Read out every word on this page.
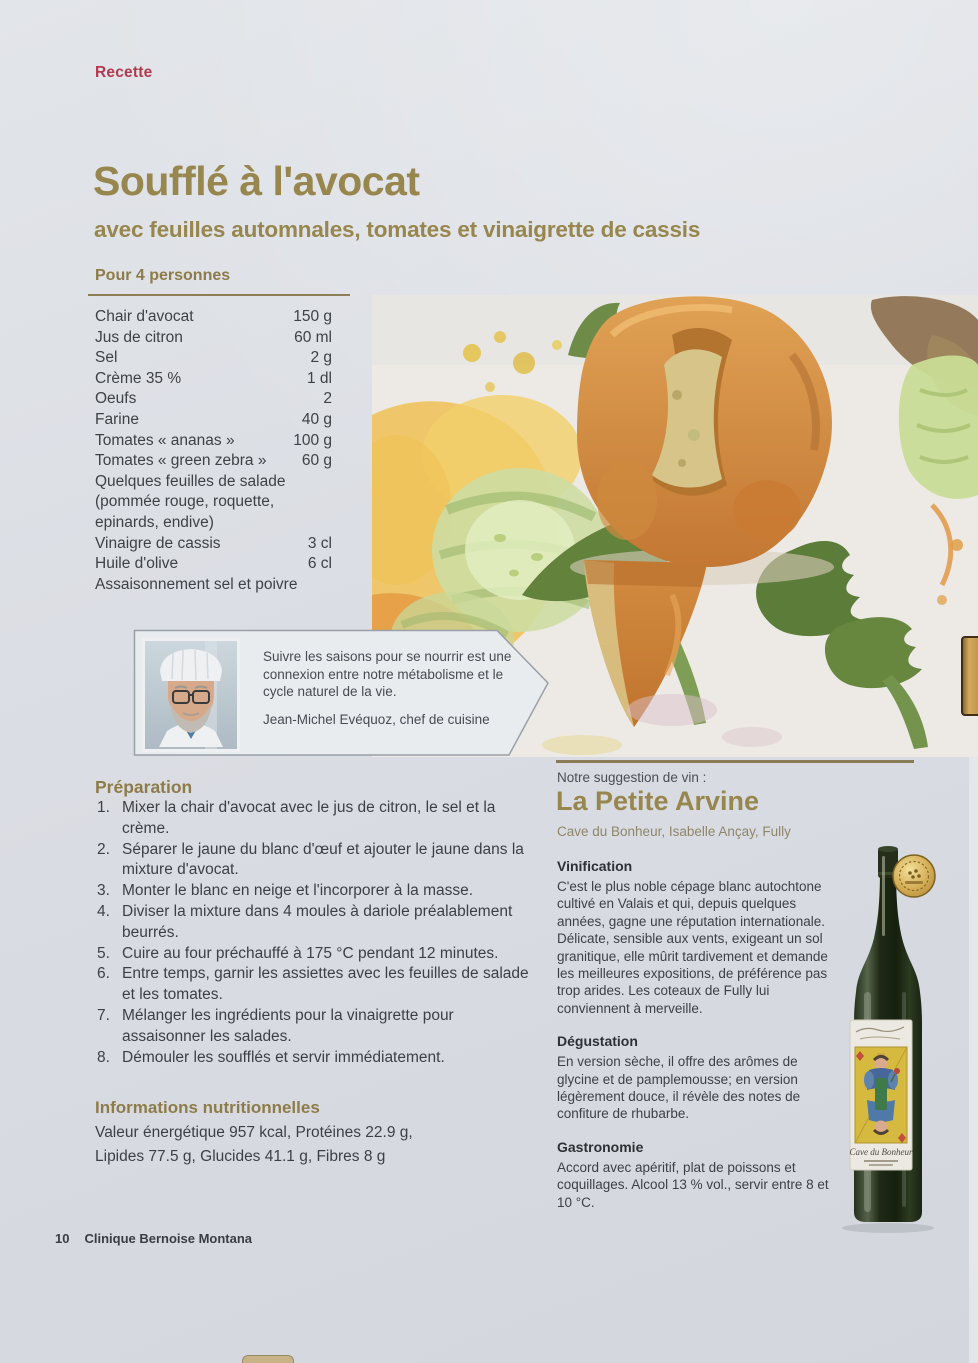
Recette
Soufflé à l'avocat
avec feuilles automnales, tomates et vinaigrette de cassis
Pour 4 personnes
Chair d'avocat	150 g
Jus de citron	60 ml
Sel	2 g
Crème 35 %	1 dl
Oeufs	2
Farine	40 g
Tomates « ananas »	100 g
Tomates « green zebra » 60 g
Quelques feuilles de salade
(pommée rouge, roquette,
epinards, endive)
Vinaigre de cassis	3 cl
Huile d'olive	6 cl
Assaisonnement sel et poivre
Suivre les saisons pour se nourrir est une connexion entre notre métabolisme et le cycle naturel de la vie.
Jean-Michel Evéquoz, chef de cuisine
Préparation
Mixer la chair d'avocat avec le jus de citron, le sel et la crème.
Séparer le jaune du blanc d'œuf et ajouter le jaune dans la mixture d'avocat.
Monter le blanc en neige et l'incorporer à la masse.
Diviser la mixture dans 4 moules à dariole préalablement beurrés.
Cuire au four préchauffé à 175 °C pendant 12 minutes.
Entre temps, garnir les assiettes avec les feuilles de salade et les tomates.
Mélanger les ingrédients pour la vinaigrette pour assaisonner les salades.
Démouler les soufflés et servir immédiatement.
Informations nutritionnelles
Valeur énergétique 957 kcal, Protéines 22.9 g,
Lipides 77.5 g, Glucides 41.1 g, Fibres 8 g
Notre suggestion de vin :
La Petite Arvine
Cave du Bonheur, Isabelle Ançay, Fully
Vinification

C'est le plus noble cépage blanc autochtone cultivé en Valais et qui, depuis quelques années, gagne une réputation internationale. Délicate, sensible aux vents, exigeant un sol granitique, elle mûrit tardivement et demande les meilleures expositions, de préférence pas trop arides. Les coteaux de Fully lui conviennent à merveille.

Dégustation

En version sèche, il offre des arômes de glycine et de pamplemousse; en version légèrement douce, il révèle des notes de confiture de rhubarbe.

Gastronomie

Accord avec apéritif, plat de poissons et coquillages. Alcool 13 % vol., servir entre 8 et 10 °C.

Cave du Bonheur
10 Clinique Bernoise Montana
